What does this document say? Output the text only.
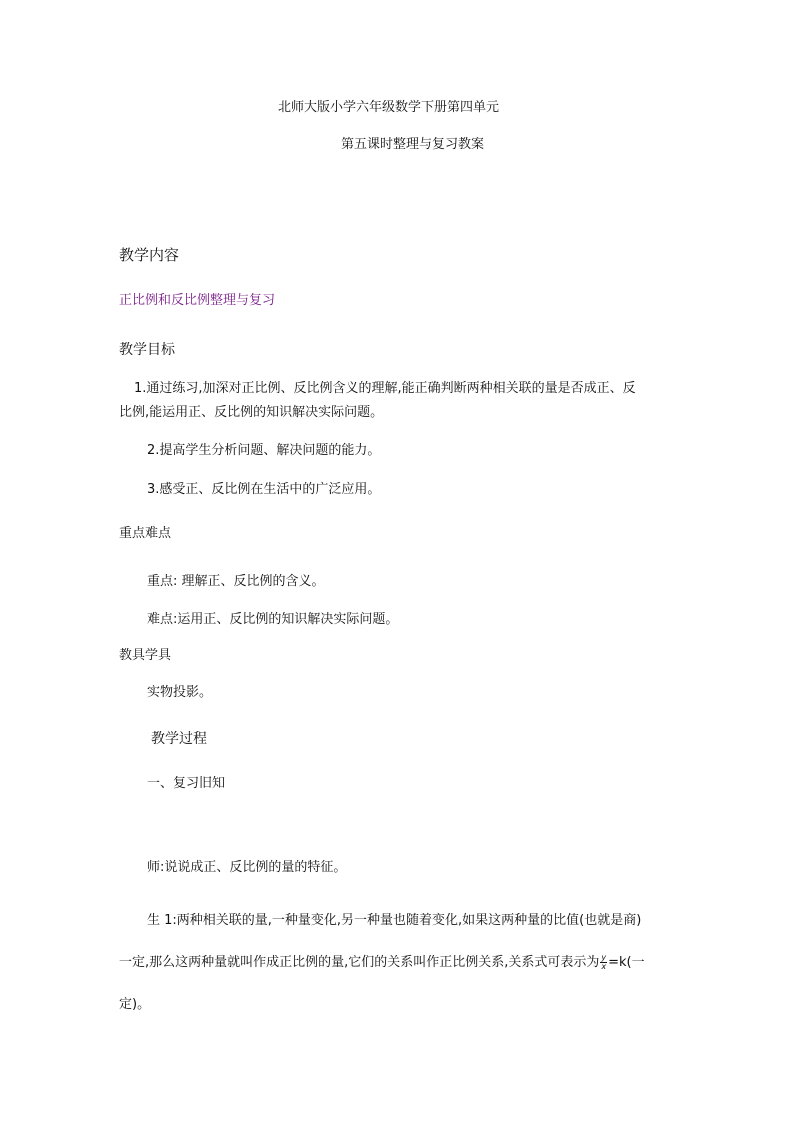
北师大版小学六年级数学下册第四单元
第五课时整理与复习教案
教学内容
正比例和反比例整理与复习
教学目标
1.通过练习,加深对正比例、反比例含义的理解,能正确判断两种相关联的量是否成正、反
比例,能运用正、反比例的知识解决实际问题。
2.提高学生分析问题、解决问题的能力。
3.感受正、反比例在生活中的广泛应用。
重点难点
重点: 理解正、反比例的含义。
难点:运用正、反比例的知识解决实际问题。
教具学具
实物投影。
教学过程
一、复习旧知
师:说说成正、反比例的量的特征。
生 1:两种相关联的量,一种量变化,另一种量也随着变化,如果这两种量的比值(也就是商)
一定,那么这两种量就叫作成正比例的量,它们的关系叫作正比例关系,关系式可表示为 $\frac{y}{x} =k$(一
定)。
